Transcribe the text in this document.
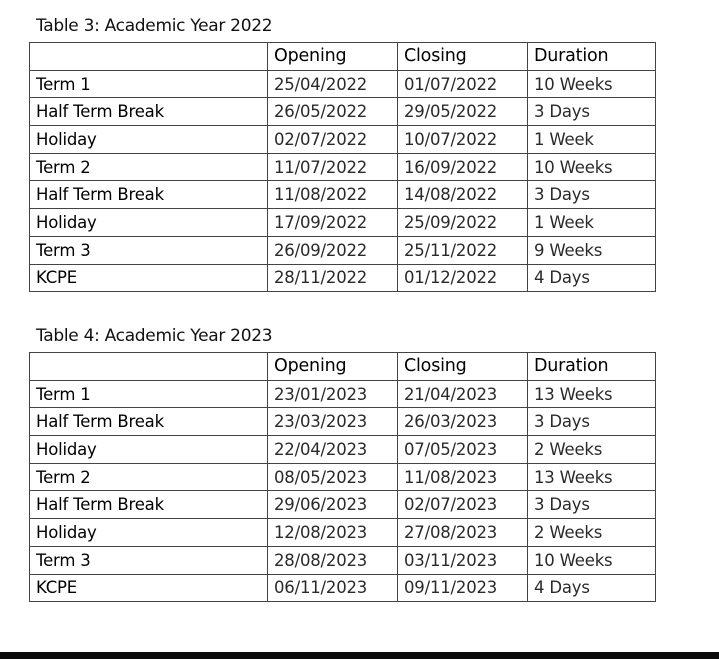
Table 3: Academic Year 2022
	Opening	Closing	Duration
Term 1	25/04/2022	01/07/2022	10 Weeks
Half Term Break	26/05/2022	29/05/2022	3 Days
Holiday	02/07/2022	10/07/2022	1 Week
Term 2	11/07/2022	16/09/2022	10 Weeks
Half Term Break	11/08/2022	14/08/2022	3 Days
Holiday	17/09/2022	25/09/2022	1 Week
Term 3	26/09/2022	25/11/2022	9 Weeks
KCPE	28/11/2022	01/12/2022	4 Days
Table 4: Academic Year 2023
	Opening	Closing	Duration
Term 1	23/01/2023	21/04/2023	13 Weeks
Half Term Break	23/03/2023	26/03/2023	3 Days
Holiday	22/04/2023	07/05/2023	2 Weeks
Term 2	08/05/2023	11/08/2023	13 Weeks
Half Term Break	29/06/2023	02/07/2023	3 Days
Holiday	12/08/2023	27/08/2023	2 Weeks
Term 3	28/08/2023	03/11/2023	10 Weeks
KCPE	06/11/2023	09/11/2023	4 Days
